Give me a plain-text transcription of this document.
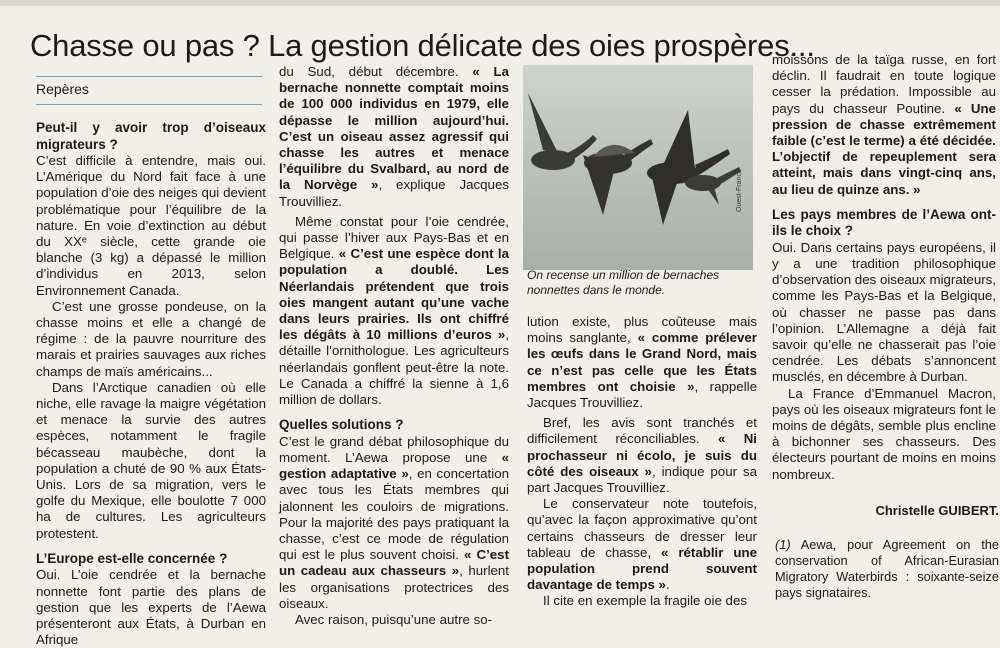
Chasse ou pas ? La gestion délicate des oies prospères...
Repères
Peut-il y avoir trop d’oiseaux migrateurs ?

C’est difficile à entendre, mais oui. L’Amérique du Nord fait face à une population d’oie des neiges qui devient problématique pour l’équilibre de la nature. En voie d’extinction au début du XXᵉ siècle, cette grande oie blanche (3 kg) a dépassé le million d’individus en 2013, selon Environnement Canada.

C’est une grosse pondeuse, on la chasse moins et elle a changé de régime : de la pauvre nourriture des marais et prairies sauvages aux riches champs de maïs américains...

Dans l’Arctique canadien où elle niche, elle ravage la maigre végétation et menace la survie des autres espèces, notamment le fragile bécasseau maubèche, dont la population a chuté de 90 % aux États-Unis. Lors de sa migration, vers le golfe du Mexique, elle boulotte 7 000 ha de cultures. Les agriculteurs protestent.

L’Europe est-elle concernée ?

Oui. L’oie cendrée et la bernache nonnette font partie des plans de gestion que les experts de l’Aewa présenteront aux États, à Durban en Afrique

du Sud, début décembre. « La bernache nonnette comptait moins de 100 000 individus en 1979, elle dépasse le million aujourd’hui. C’est un oiseau assez agressif qui chasse les autres et menace l’équilibre du Svalbard, au nord de la Norvège », explique Jacques Trouvilliez.

Même constat pour l’oie cendrée, qui passe l’hiver aux Pays-Bas et en Belgique. « C’est une espèce dont la population a doublé. Les Néerlandais prétendent que trois oies mangent autant qu’une vache dans leurs prairies. Ils ont chiffré les dégâts à 10 millions d’euros », détaille l’ornithologue. Les agriculteurs néerlandais gonflent peut-être la note. Le Canada a chiffré la sienne à 1,6 million de dollars.

Quelles solutions ?

C’est le grand débat philosophique du moment. L’Aewa propose une « gestion adaptative », en concertation avec tous les États membres qui jalonnent les couloirs de migrations. Pour la majorité des pays pratiquant la chasse, c’est ce mode de régulation qui est le plus souvent choisi. « C’est un cadeau aux chasseurs », hurlent les organisations protectrices des oiseaux.

Avec raison, puisqu’une autre so-

Ouest-France
On recense un million de bernaches nonnettes dans le monde.

lution existe, plus coûteuse mais moins sanglante, « comme prélever les œufs dans le Grand Nord, mais ce n’est pas celle que les États membres ont choisie », rappelle Jacques Trouvilliez.

Bref, les avis sont tranchés et difficilement réconciliables. « Ni prochasseur ni écolo, je suis du côté des oiseaux », indique pour sa part Jacques Trouvilliez.

Le conservateur note toutefois, qu’avec la façon approximative qu’ont certains chasseurs de dresser leur tableau de chasse, « rétablir une population prend souvent davantage de temps ».

Il cite en exemple la fragile oie des

moissons de la taïga russe, en fort déclin. Il faudrait en toute logique cesser la prédation. Impossible au pays du chasseur Poutine. « Une pression de chasse extrêmement faible (c’est le terme) a été décidée. L’objectif de repeuplement sera atteint, mais dans vingt-cinq ans, au lieu de quinze ans. »

Les pays membres de l’Aewa ont-ils le choix ?

Oui. Dans certains pays européens, il y a une tradition philosophique d’observation des oiseaux migrateurs, comme les Pays-Bas et la Belgique, où chasser ne passe pas dans l’opinion. L’Allemagne a déjà fait savoir qu’elle ne chasserait pas l’oie cendrée. Les débats s’annoncent musclés, en décembre à Durban.

La France d’Emmanuel Macron, pays où les oiseaux migrateurs font le moins de dégâts, semble plus encline à bichonner ses chasseurs. Des électeurs pourtant de moins en moins nombreux.

Christelle GUIBERT.
(1) Aewa, pour Agreement on the conservation of African-Eurasian Migratory Waterbirds : soixante-seize pays signataires.
